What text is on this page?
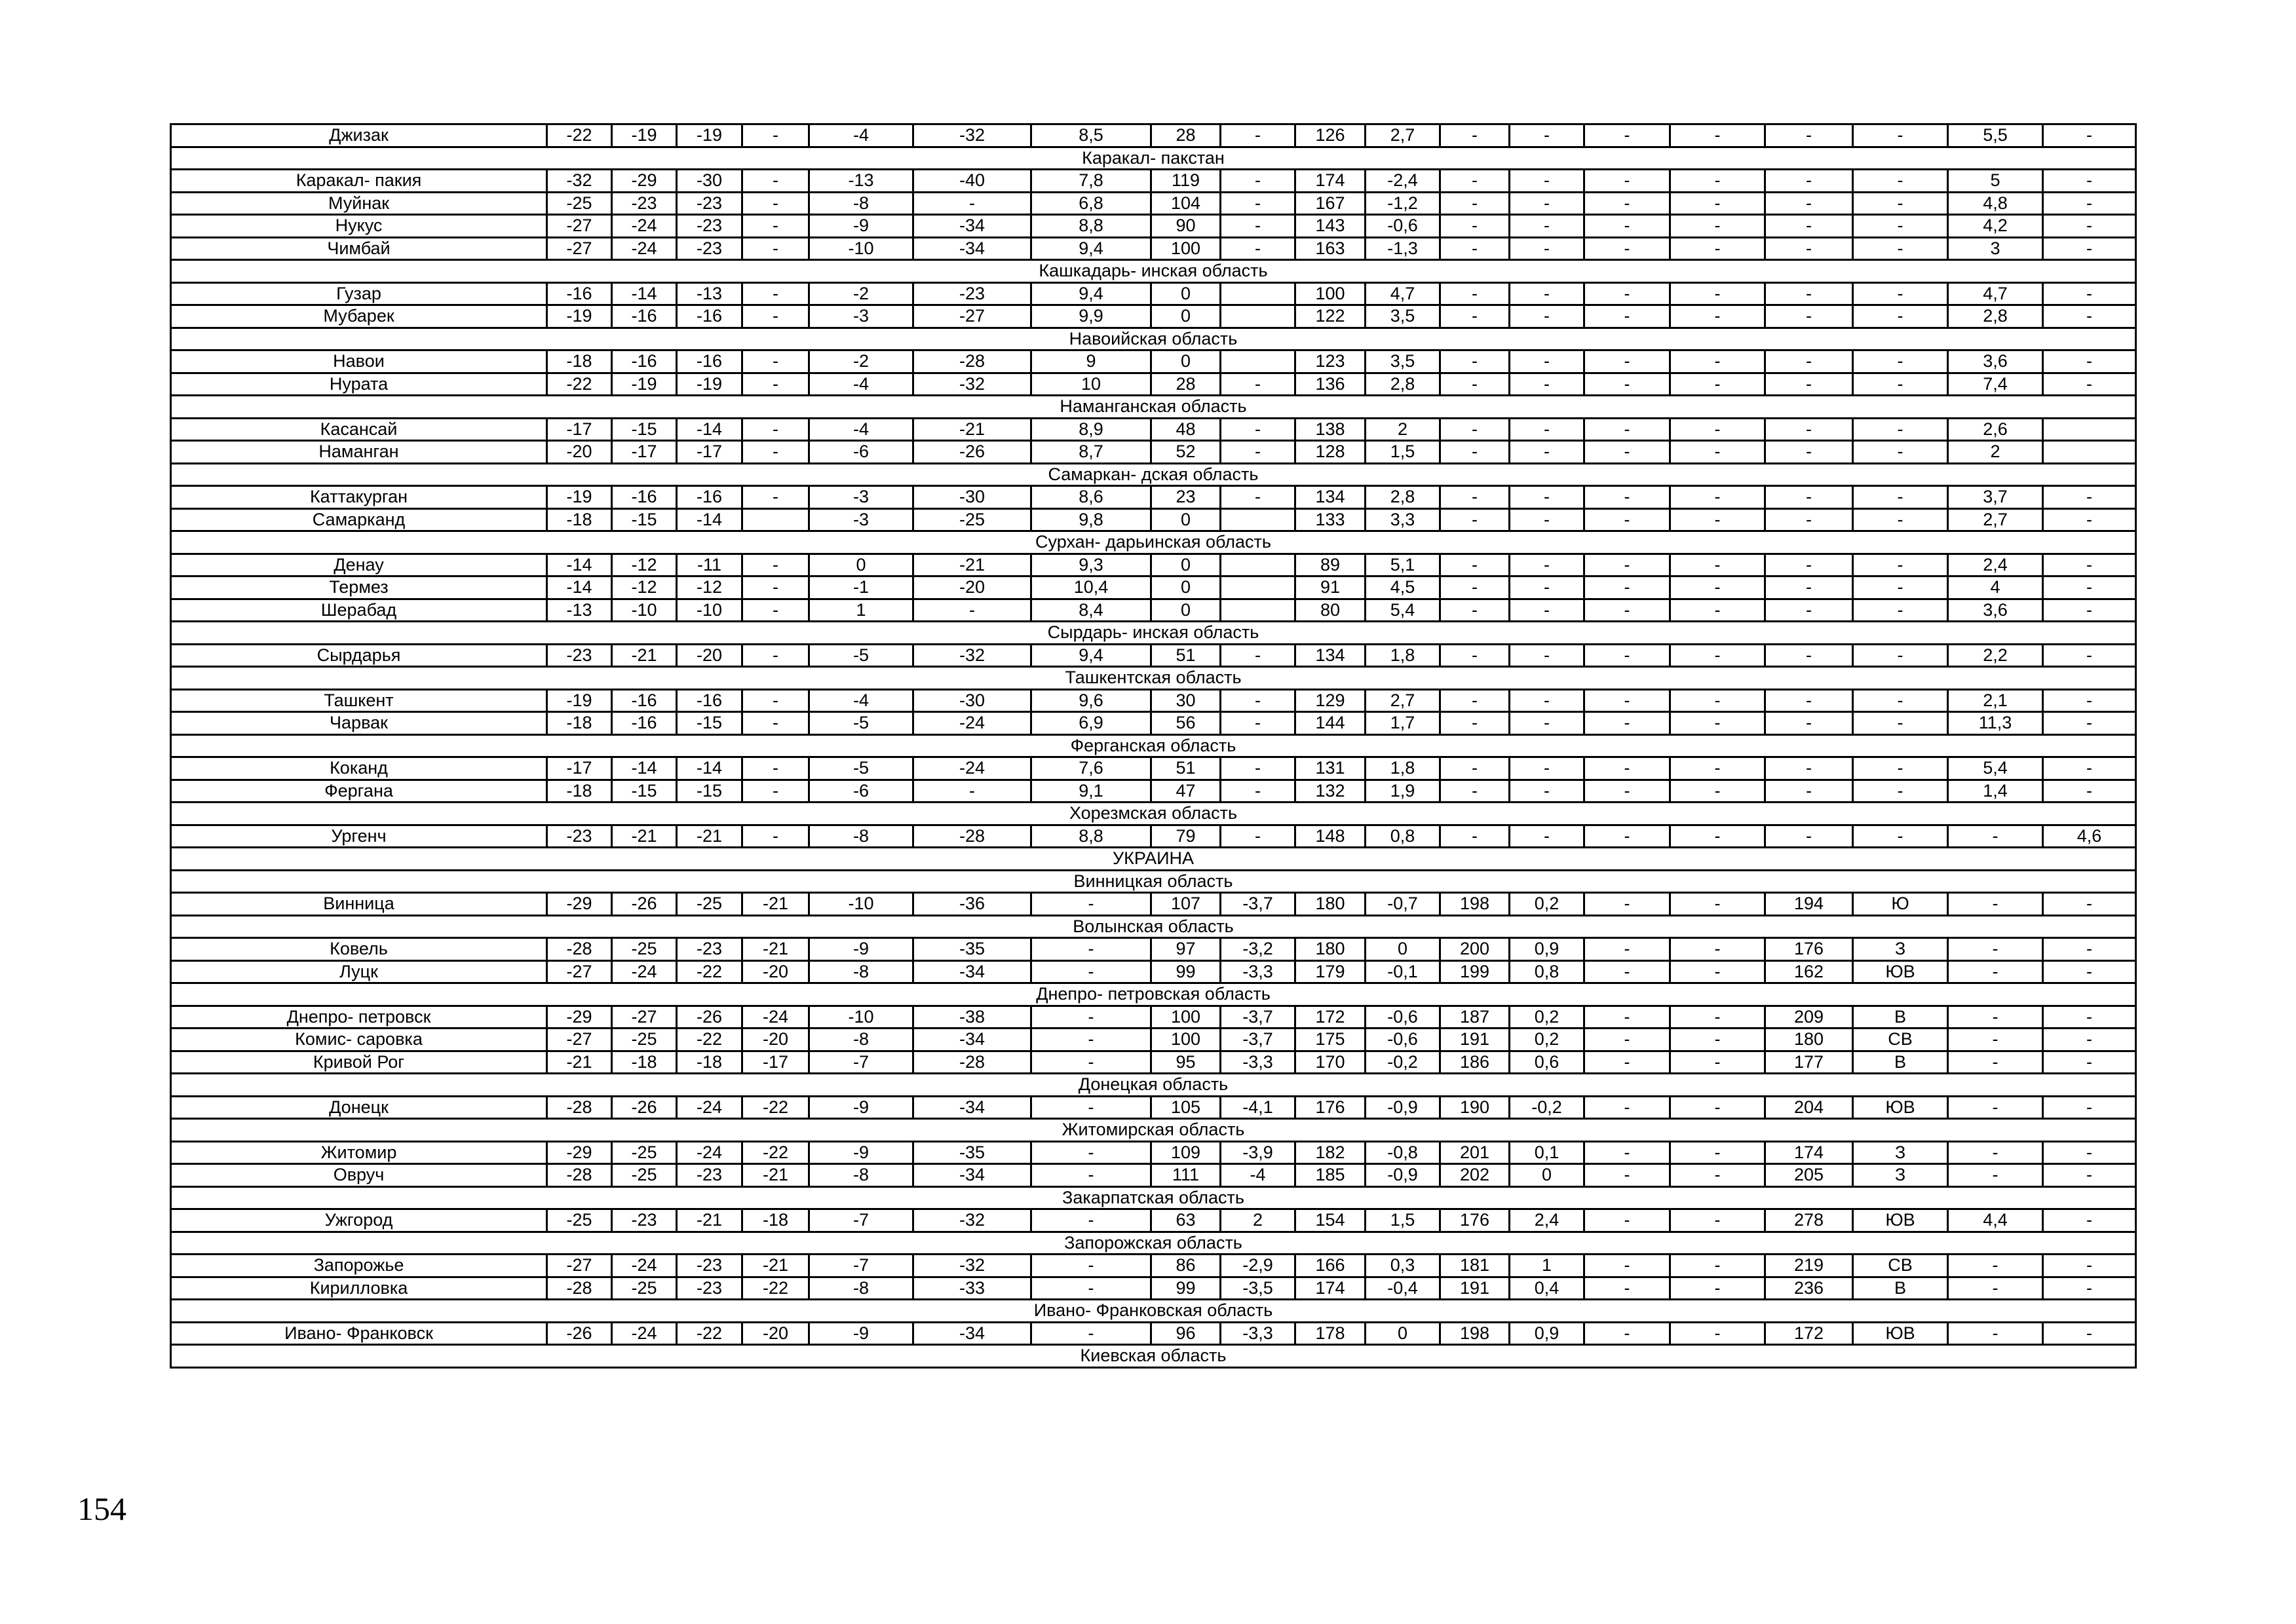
Джизак	-22	-19	-19	-	-4	-32	8,5	28	-	126	2,7	-	-	-	-	-	-	5,5	-
Каракал- пакстан																			
Каракал- пакия	-32	-29	-30	-	-13	-40	7,8	119	-	174	-2,4	-	-	-	-	-	-	5	-
Муйнак	-25	-23	-23	-	-8	-	6,8	104	-	167	-1,2	-	-	-	-	-	-	4,8	-
Нукус	-27	-24	-23	-	-9	-34	8,8	90	-	143	-0,6	-	-	-	-	-	-	4,2	-
Чимбай	-27	-24	-23	-	-10	-34	9,4	100	-	163	-1,3	-	-	-	-	-	-	3	-
Кашкадарь- инская область																			
Гузар	-16	-14	-13	-	-2	-23	9,4	0		100	4,7	-	-	-	-	-	-	4,7	-
Мубарек	-19	-16	-16	-	-3	-27	9,9	0		122	3,5	-	-	-	-	-	-	2,8	-
Навоийская область																			
Навои	-18	-16	-16	-	-2	-28	9	0		123	3,5	-	-	-	-	-	-	3,6	-
Нурата	-22	-19	-19	-	-4	-32	10	28	-	136	2,8	-	-	-	-	-	-	7,4	-
Наманганская область																			
Касансай	-17	-15	-14	-	-4	-21	8,9	48	-	138	2	-	-	-	-	-	-	2,6	
Наманган	-20	-17	-17	-	-6	-26	8,7	52	-	128	1,5	-	-	-	-	-	-	2	
Самаркан- дская область																			
Каттакурган	-19	-16	-16	-	-3	-30	8,6	23	-	134	2,8	-	-	-	-	-	-	3,7	-
Самарканд	-18	-15	-14		-3	-25	9,8	0		133	3,3	-	-	-	-	-	-	2,7	-
Сурхан- дарьинская область																			
Денау	-14	-12	-11	-	0	-21	9,3	0		89	5,1	-	-	-	-	-	-	2,4	-
Термез	-14	-12	-12	-	-1	-20	10,4	0		91	4,5	-	-	-	-	-	-	4	-
Шерабад	-13	-10	-10	-	1	-	8,4	0		80	5,4	-	-	-	-	-	-	3,6	-
Сырдарь- инская область																			
Сырдарья	-23	-21	-20	-	-5	-32	9,4	51	-	134	1,8	-	-	-	-	-	-	2,2	-
Ташкентская область																			
Ташкент	-19	-16	-16	-	-4	-30	9,6	30	-	129	2,7	-	-	-	-	-	-	2,1	-
Чарвак	-18	-16	-15	-	-5	-24	6,9	56	-	144	1,7	-	-	-	-	-	-	11,3	-
Ферганская область																			
Коканд	-17	-14	-14	-	-5	-24	7,6	51	-	131	1,8	-	-	-	-	-	-	5,4	-
Фергана	-18	-15	-15	-	-6	-	9,1	47	-	132	1,9	-	-	-	-	-	-	1,4	-
Хорезмская область																			
Ургенч	-23	-21	-21	-	-8	-28	8,8	79	-	148	0,8	-	-	-	-	-	-	-	4,6
УКРАИНА																			
Винницкая область																			
Винница	-29	-26	-25	-21	-10	-36	-	107	-3,7	180	-0,7	198	0,2	-	-	194	Ю	-	-
Волынская область																			
Ковель	-28	-25	-23	-21	-9	-35	-	97	-3,2	180	0	200	0,9	-	-	176	З	-	-
Луцк	-27	-24	-22	-20	-8	-34	-	99	-3,3	179	-0,1	199	0,8	-	-	162	ЮВ	-	-
Днепро- петровская область																			
Днепро- петровск	-29	-27	-26	-24	-10	-38	-	100	-3,7	172	-0,6	187	0,2	-	-	209	В	-	-
Комис- саровка	-27	-25	-22	-20	-8	-34	-	100	-3,7	175	-0,6	191	0,2	-	-	180	СВ	-	-
Кривой Рог	-21	-18	-18	-17	-7	-28	-	95	-3,3	170	-0,2	186	0,6	-	-	177	В	-	-
Донецкая область																			
Донецк	-28	-26	-24	-22	-9	-34	-	105	-4,1	176	-0,9	190	-0,2	-	-	204	ЮВ	-	-
Житомирская область																			
Житомир	-29	-25	-24	-22	-9	-35	-	109	-3,9	182	-0,8	201	0,1	-	-	174	З	-	-
Овруч	-28	-25	-23	-21	-8	-34	-	111	-4	185	-0,9	202	0	-	-	205	З	-	-
Закарпатская область																			
Ужгород	-25	-23	-21	-18	-7	-32	-	63	2	154	1,5	176	2,4	-	-	278	ЮВ	4,4	-
Запорожская область																			
Запорожье	-27	-24	-23	-21	-7	-32	-	86	-2,9	166	0,3	181	1	-	-	219	СВ	-	-
Кирилловка	-28	-25	-23	-22	-8	-33	-	99	-3,5	174	-0,4	191	0,4	-	-	236	В	-	-
Ивано- Франковская область																			
Ивано- Франковск	-26	-24	-22	-20	-9	-34	-	96	-3,3	178	0	198	0,9	-	-	172	ЮВ	-	-
Киевская область																			
154
